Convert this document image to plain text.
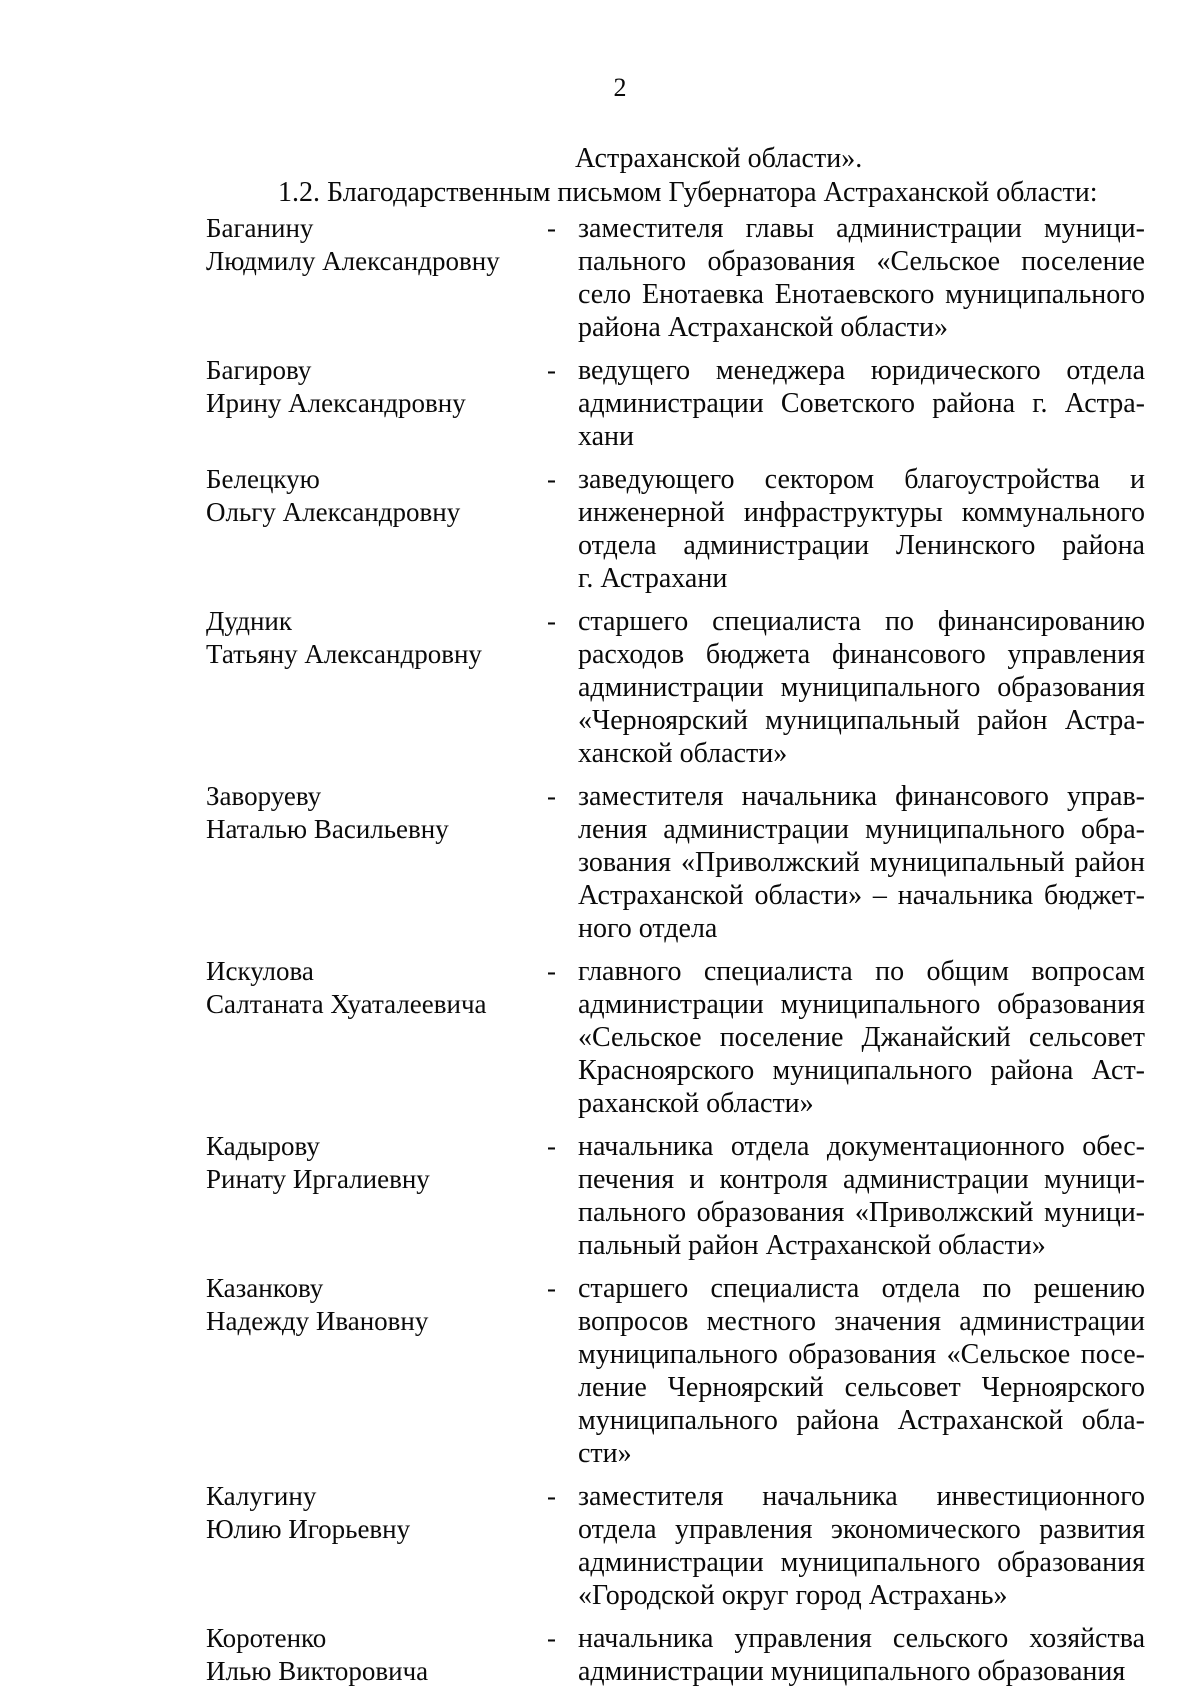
2
Астраханской области».
1.2. Благодарственным письмом Губернатора Астраханской области:
Баганину
Людмилу Александровну
- заместителя главы администрации муници-
пального образования «Сельское поселение
село Енотаевка Енотаевского муниципального
района Астраханской области»
Багирову
Ирину Александровну
- ведущего менеджера юридического отдела
администрации Советского района г. Астра-
хани
Белецкую
Ольгу Александровну
- заведующего сектором благоустройства и
инженерной инфраструктуры коммунального
отдела администрации Ленинского района
г. Астрахани
Дудник
Татьяну Александровну
- старшего специалиста по финансированию
расходов бюджета финансового управления
администрации муниципального образования
«Черноярский муниципальный район Астра-
ханской области»
Заворуеву
Наталью Васильевну
- заместителя начальника финансового управ-
ления администрации муниципального обра-
зования «Приволжский муниципальный район
Астраханской области» – начальника бюджет-
ного отдела
Искулова
Салтаната Хуаталеевича
- главного специалиста по общим вопросам
администрации муниципального образования
«Сельское поселение Джанайский сельсовет
Красноярского муниципального района Аст-
раханской области»
Кадырову
Ринату Иргалиевну
- начальника отдела документационного обес-
печения и контроля администрации муници-
пального образования «Приволжский муници-
пальный район Астраханской области»
Казанкову
Надежду Ивановну
- старшего специалиста отдела по решению
вопросов местного значения администрации
муниципального образования «Сельское посе-
ление Черноярский сельсовет Черноярского
муниципального района Астраханской обла-
сти»
Калугину
Юлию Игорьевну
- заместителя начальника инвестиционного
отдела управления экономического развития
администрации муниципального образования
«Городской округ город Астрахань»
Коротенко
Илью Викторовича
- начальника управления сельского хозяйства
администрации муниципального образования
